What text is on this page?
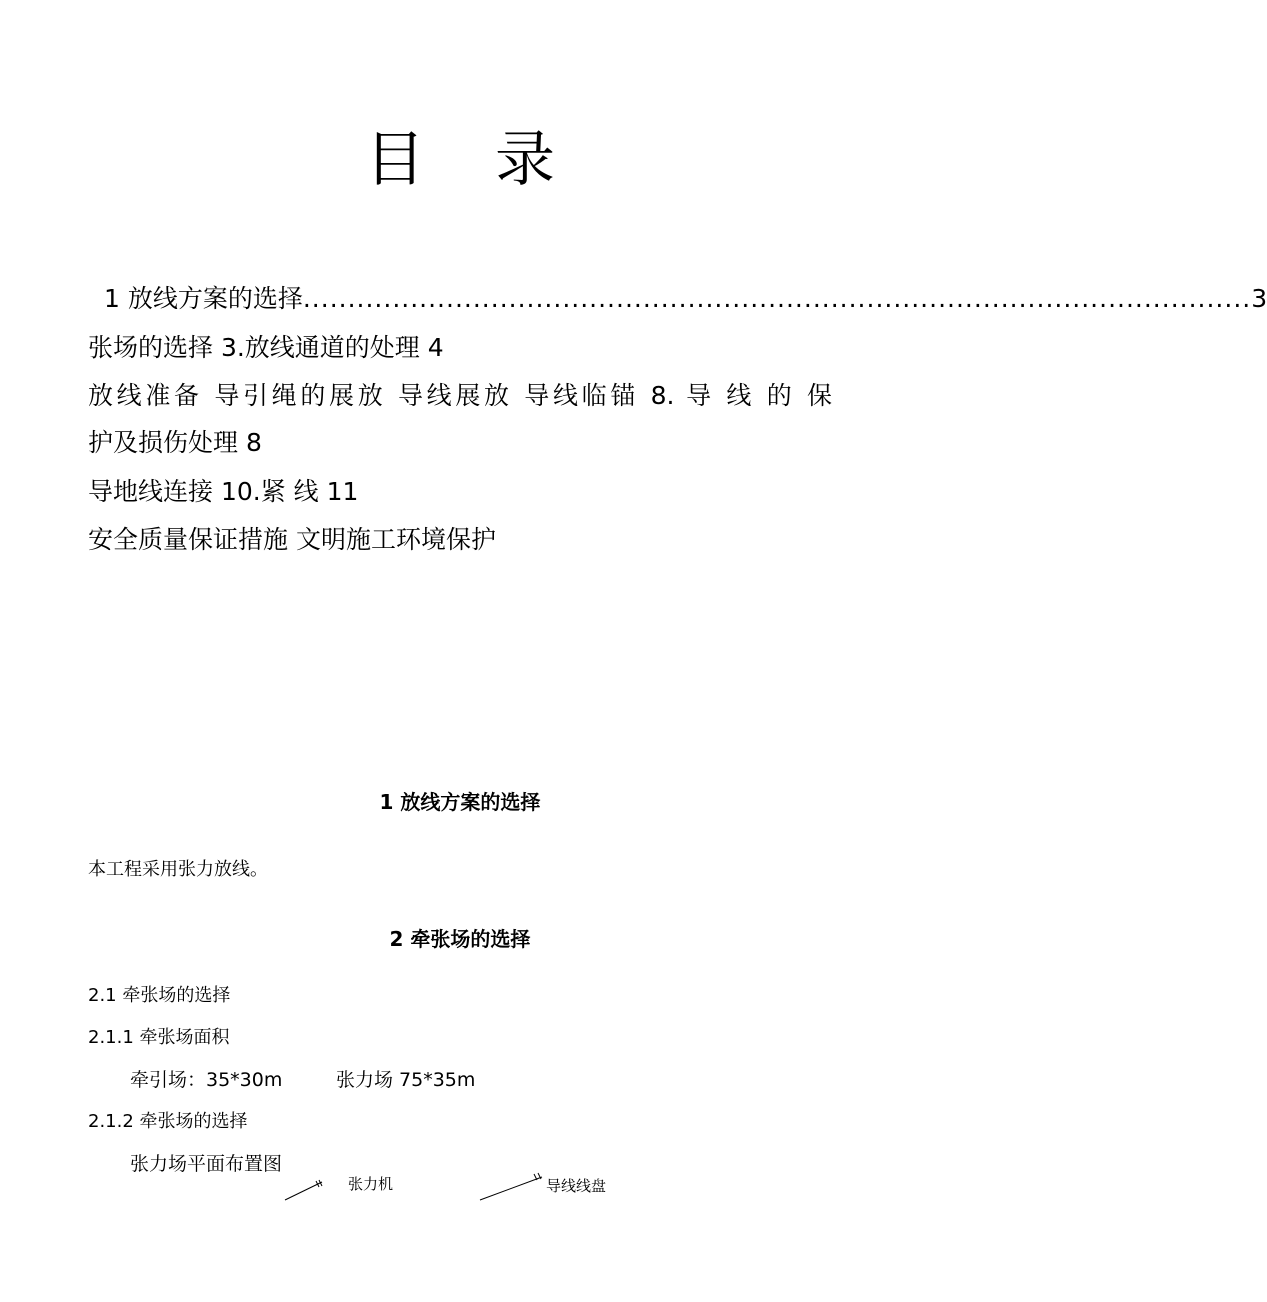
目 录
1 放线方案的选择 .......................................................................................................... 3
张场的选择 3.放线通道的处理 4
放线准备 导引绳的展放 导线展放 导线临锚 8. 导 线 的 保
护及损伤处理 8
导地线连接 10.紧 线 11
安全质量保证措施 文明施工环境保护
1 放线方案的选择
本工程采用张力放线。
2 牵张场的选择
2.1 牵张场的选择
2.1.1 牵张场面积
牵引场：35*30m	张力场 75*35m
2.1.2 牵张场的选择
张力场平面布置图
张力机	导线线盘
